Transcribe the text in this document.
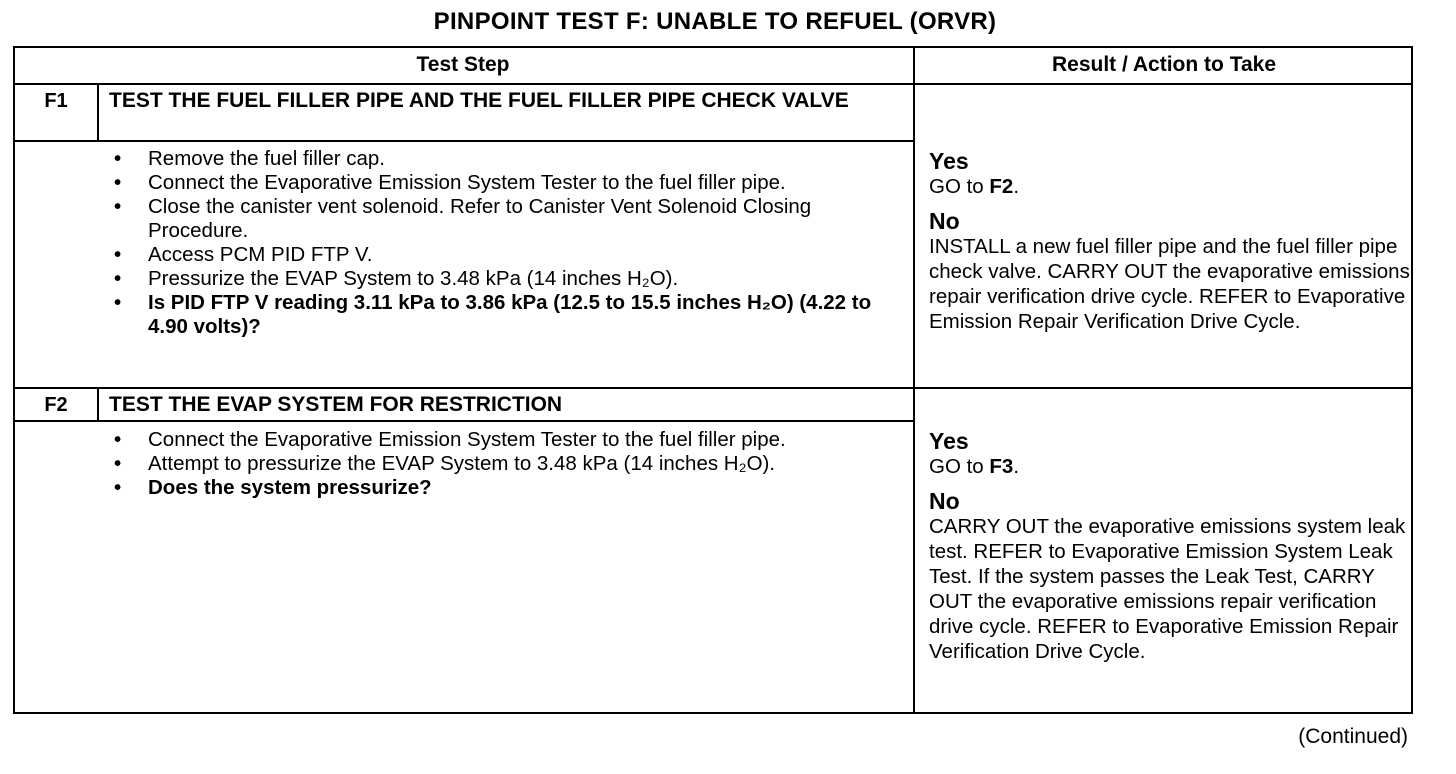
PINPOINT TEST F: UNABLE TO REFUEL (ORVR)
Test Step	Result / Action to Take
F1	TEST THE FUEL FILLER PIPE AND THE FUEL FILLER PIPE CHECK VALVE
• Remove the fuel filler cap.
• Connect the Evaporative Emission System Tester to the fuel filler pipe.
• Close the canister vent solenoid. Refer to Canister Vent Solenoid Closing Procedure.
• Access PCM PID FTP V.
• Pressurize the EVAP System to 3.48 kPa (14 inches H₂O).
• Is PID FTP V reading 3.11 kPa to 3.86 kPa (12.5 to 15.5 inches H₂O) (4.22 to 4.90 volts)?
Yes
GO to F2.
No
INSTALL a new fuel filler pipe and the fuel filler pipe check valve. CARRY OUT the evaporative emissions repair verification drive cycle. REFER to Evaporative Emission Repair Verification Drive Cycle.
F2	TEST THE EVAP SYSTEM FOR RESTRICTION
• Connect the Evaporative Emission System Tester to the fuel filler pipe.
• Attempt to pressurize the EVAP System to 3.48 kPa (14 inches H₂O).
• Does the system pressurize?
Yes
GO to F3.
No
CARRY OUT the evaporative emissions system leak test. REFER to Evaporative Emission System Leak Test. If the system passes the Leak Test, CARRY OUT the evaporative emissions repair verification drive cycle. REFER to Evaporative Emission Repair Verification Drive Cycle.
(Continued)
